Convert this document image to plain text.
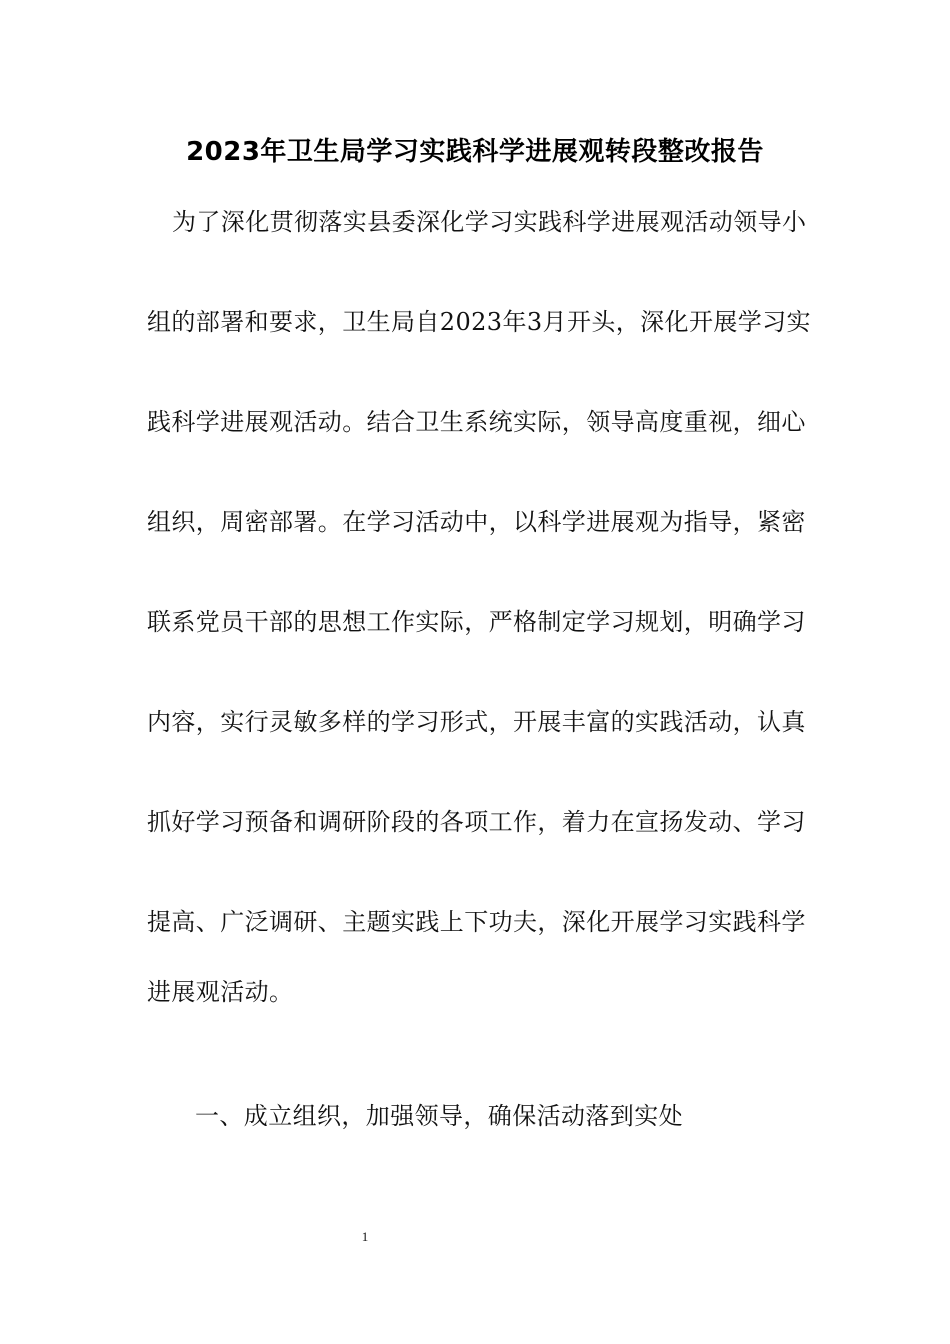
2023年卫生局学习实践科学进展观转段整改报告
为了深化贯彻落实县委深化学习实践科学进展观活动领导小
组的部署和要求，卫生局自2023年3月开头，深化开展学习实
践科学进展观活动。结合卫生系统实际，领导高度重视，细心
组织，周密部署。在学习活动中，以科学进展观为指导，紧密
联系党员干部的思想工作实际，严格制定学习规划，明确学习
内容，实行灵敏多样的学习形式，开展丰富的实践活动，认真
抓好学习预备和调研阶段的各项工作，着力在宣扬发动、学习
提高、广泛调研、主题实践上下功夫，深化开展学习实践科学
进展观活动。
一、成立组织，加强领导，确保活动落到实处
1
